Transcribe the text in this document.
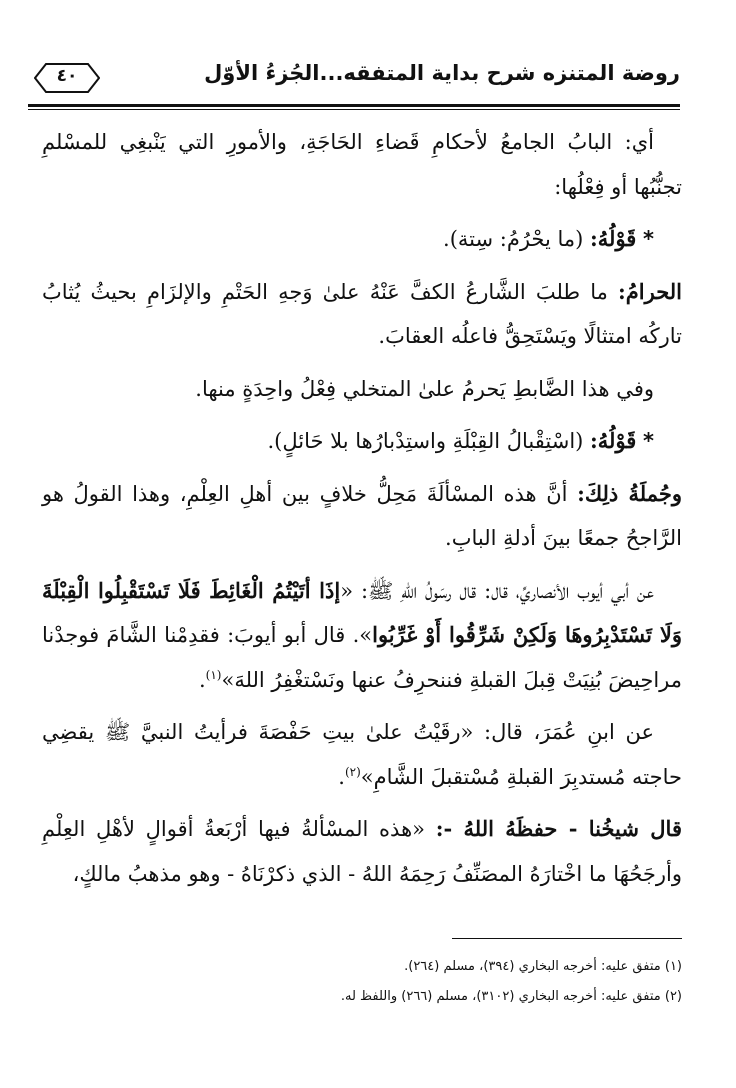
روضة المتنزه شرح بداية المتفقه...الجُزءُ الأوّل
٤٠

أي: البابُ الجامعُ لأحكامِ قَضاءِ الحَاجَةِ، والأمورِ التي يَنْبغِي للمسْلمِ تجنُّبُها أو فِعْلُها:

* قَوْلُهُ: (ما يحْرُمُ: سِتة).

الحرامُ: ما طلبَ الشَّارعُ الكفَّ عَنْهُ علىٰ وَجهِ الحَتْمِ والإلزَامِ بحيثُ يُثابُ تاركُه امتثالًا ويَسْتَحِقُّ فاعلُه العقابَ.

وفي هذا الضَّابطِ يَحرمُ علىٰ المتخلي فِعْلُ واحِدَةٍ منها.

* قَوْلُهُ: (اسْتِقْبالُ القِبْلَةِ واستِدْبارُها بلا حَائلٍ).

وجُملَةُ ذلِكَ: أنَّ هذه المسْألَةَ مَحِلُّ خلافٍ بين أهلِ العِلْمِ، وهذا القولُ هو الرَّاجحُ جمعًا بينَ أدلةِ البابِ.

عن أبي أيوب الأنصاريِّ، قال: قال رسَولُ اللهِ ﷺ: «إذَا أتَيْتُمُ الْغَائِطَ فَلَا تَسْتَقْبِلُوا الْقِبْلَةَ وَلَا تَسْتَدْبِرُوهَا وَلَكِنْ شَرِّقُوا أَوْ غَرِّبُوا». قال أبو أيوبَ: فقدِمْنا الشَّامَ فوجدْنا مراحِيضَ بُنِيَتْ قِبلَ القبلةِ فننحرِفُ عنها ونَسْتغْفِرُ اللهَ»$^{(١)}$.

عن ابنِ عُمَرَ، قال: «رقَيْتُ علىٰ بيتِ حَفْصَةَ فرأيتُ النبيَّ ﷺ يقضِي حاجته مُستدبِرَ القبلةِ مُسْتقبلَ الشَّامِ»$^{(٢)}$.

قال شيخُنا - حفظَهُ اللهُ -: «هذه المسْألةُ فيها أرْبَعةُ أقوالٍ لأهْلِ العِلْمِ وأرجَحُهَا ما اخْتارَهُ المصَنِّفُ رَحِمَهُ اللهُ - الذي ذكرْنَاهُ - وهو مذهبُ مالكٍ،

(١) متفق عليه: أخرجه البخاري (٣٩٤)، مسلم (٢٦٤).

(٢) متفق عليه: أخرجه البخاري (٣١٠٢)، مسلم (٢٦٦) واللفظ له.
